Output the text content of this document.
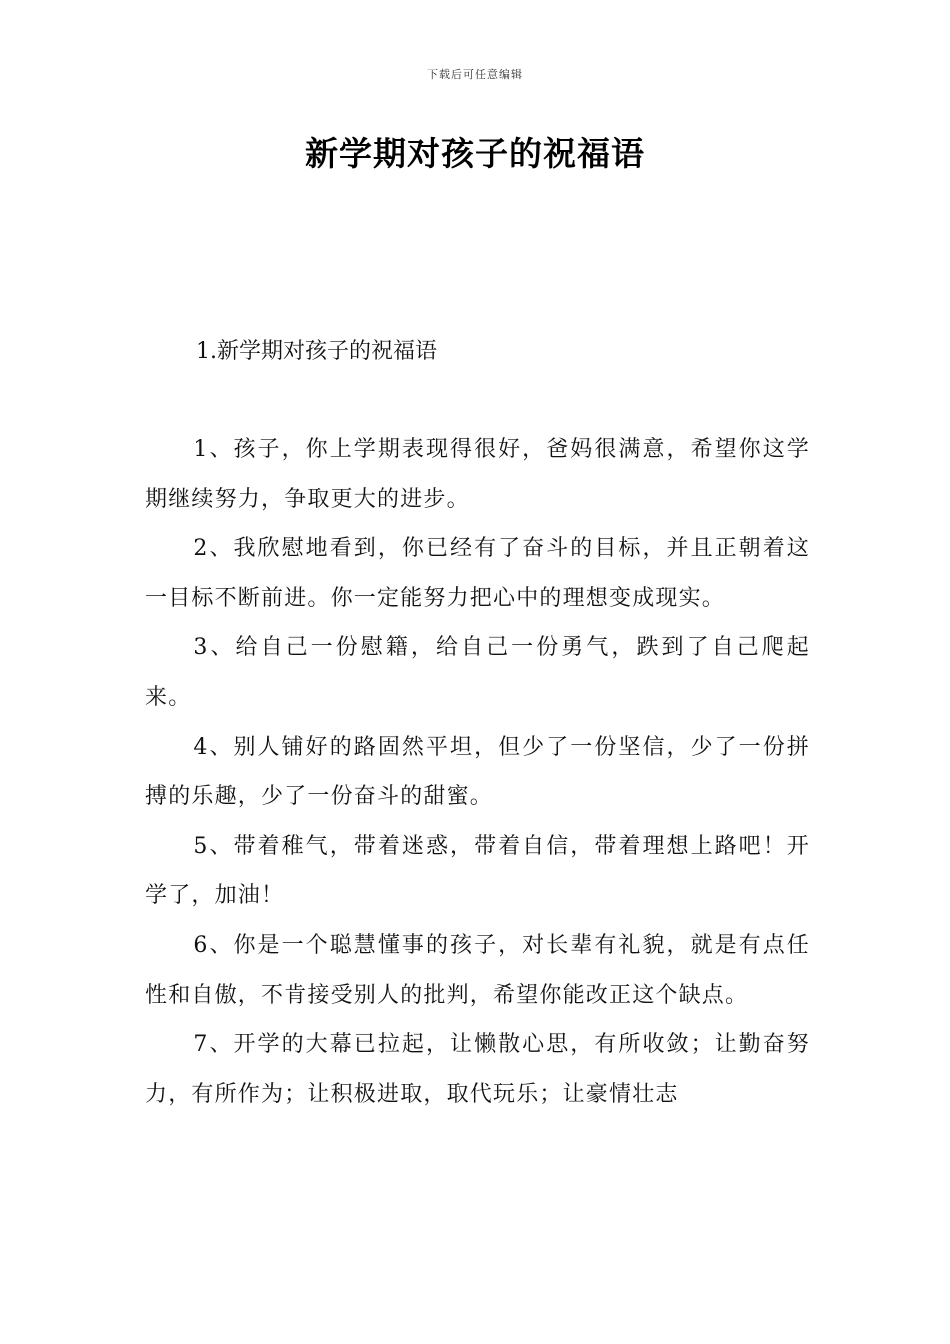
下载后可任意编辑
新学期对孩子的祝福语
1.新学期对孩子的祝福语

1、孩子，你上学期表现得很好，爸妈很满意，希望你这学期继续努力，争取更大的进步。

2、我欣慰地看到，你已经有了奋斗的目标，并且正朝着这一目标不断前进。你一定能努力把心中的理想变成现实。

3、给自己一份慰籍，给自己一份勇气，跌到了自己爬起来。

4、别人铺好的路固然平坦，但少了一份坚信，少了一份拼搏的乐趣，少了一份奋斗的甜蜜。

5、带着稚气，带着迷惑，带着自信，带着理想上路吧！开学了，加油！

6、你是一个聪慧懂事的孩子，对长辈有礼貌，就是有点任性和自傲，不肯接受别人的批判，希望你能改正这个缺点。

7、开学的大幕已拉起，让懒散心思，有所收敛；让勤奋努力，有所作为；让积极进取，取代玩乐；让豪情壮志
